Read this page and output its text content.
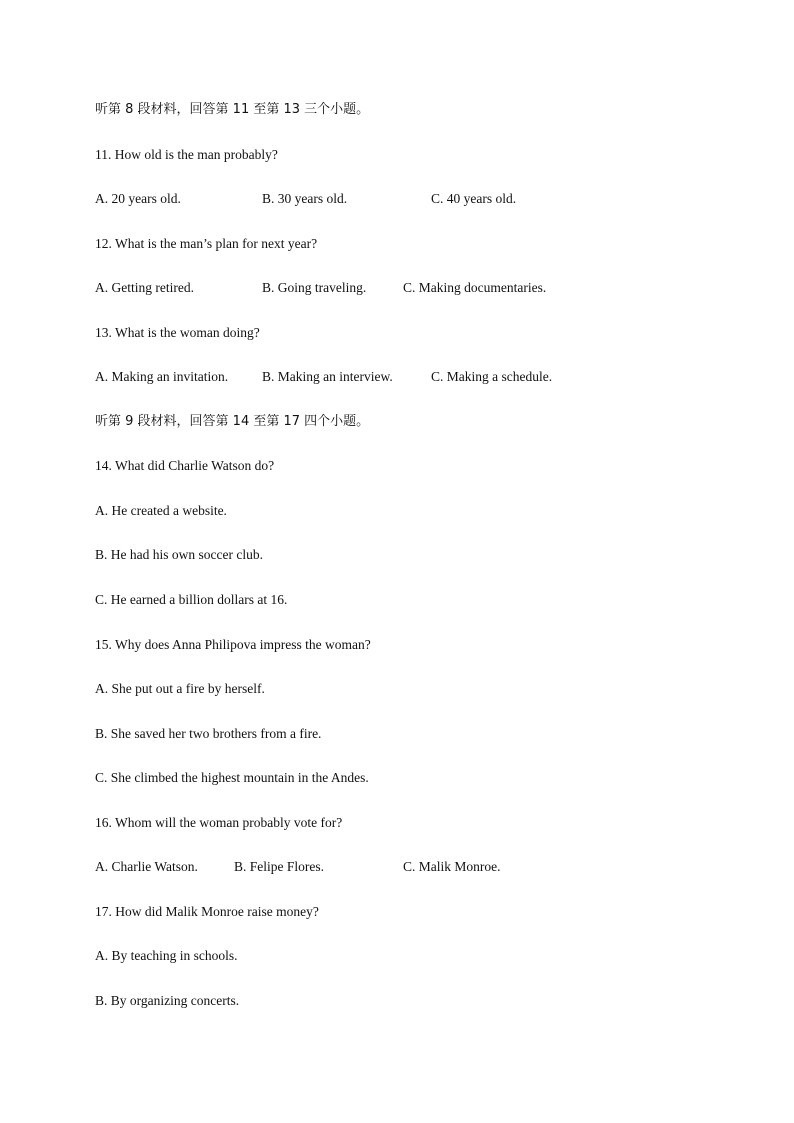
听第 8 段材料，回答第 11 至第 13 三个小题。
11. How old is the man probably?
A. 20 years old.	B. 30 years old.	C. 40 years old.
12. What is the man’s plan for next year?
A. Getting retired.	B. Going traveling.	C. Making documentaries.
13. What is the woman doing?
A. Making an invitation.	B. Making an interview.	C. Making a schedule.
听第 9 段材料，回答第 14 至第 17 四个小题。
14. What did Charlie Watson do?
A. He created a website.
B. He had his own soccer club.
C. He earned a billion dollars at 16.
15. Why does Anna Philipova impress the woman?
A. She put out a fire by herself.
B. She saved her two brothers from a fire.
C. She climbed the highest mountain in the Andes.
16. Whom will the woman probably vote for?
A. Charlie Watson.	B. Felipe Flores.	C. Malik Monroe.
17. How did Malik Monroe raise money?
A. By teaching in schools.
B. By organizing concerts.
